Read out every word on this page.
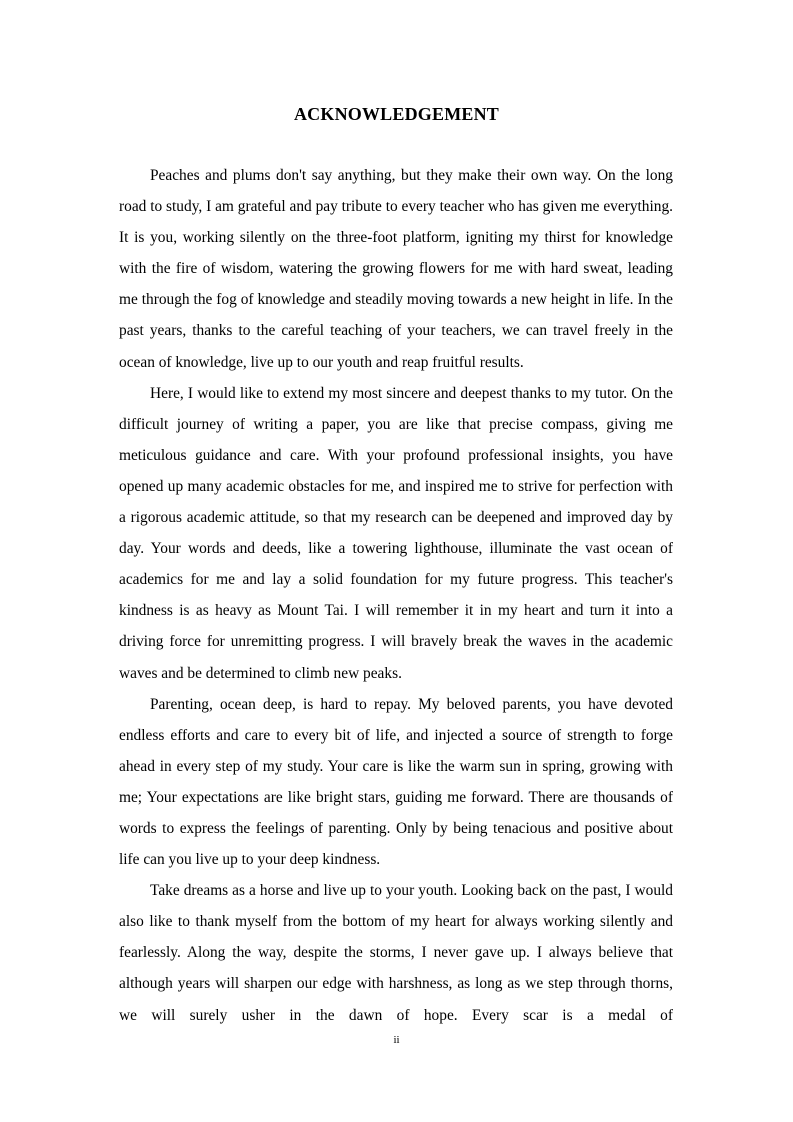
ACKNOWLEDGEMENT

Peaches and plums don't say anything, but they make their own way. On the long road to study, I am grateful and pay tribute to every teacher who has given me everything. It is you, working silently on the three-foot platform, igniting my thirst for knowledge with the fire of wisdom, watering the growing flowers for me with hard sweat, leading me through the fog of knowledge and steadily moving towards a new height in life. In the past years, thanks to the careful teaching of your teachers, we can travel freely in the ocean of knowledge, live up to our youth and reap fruitful results.

Here, I would like to extend my most sincere and deepest thanks to my tutor. On the difficult journey of writing a paper, you are like that precise compass, giving me meticulous guidance and care. With your profound professional insights, you have opened up many academic obstacles for me, and inspired me to strive for perfection with a rigorous academic attitude, so that my research can be deepened and improved day by day. Your words and deeds, like a towering lighthouse, illuminate the vast ocean of academics for me and lay a solid foundation for my future progress. This teacher's kindness is as heavy as Mount Tai. I will remember it in my heart and turn it into a driving force for unremitting progress. I will bravely break the waves in the academic waves and be determined to climb new peaks.

Parenting, ocean deep, is hard to repay. My beloved parents, you have devoted endless efforts and care to every bit of life, and injected a source of strength to forge ahead in every step of my study. Your care is like the warm sun in spring, growing with me; Your expectations are like bright stars, guiding me forward. There are thousands of words to express the feelings of parenting. Only by being tenacious and positive about life can you live up to your deep kindness.

Take dreams as a horse and live up to your youth. Looking back on the past, I would also like to thank myself from the bottom of my heart for always working silently and fearlessly. Along the way, despite the storms, I never gave up. I always believe that although years will sharpen our edge with harshness, as long as we step through thorns, we will surely usher in the dawn of hope. Every scar is a medal of

ii
